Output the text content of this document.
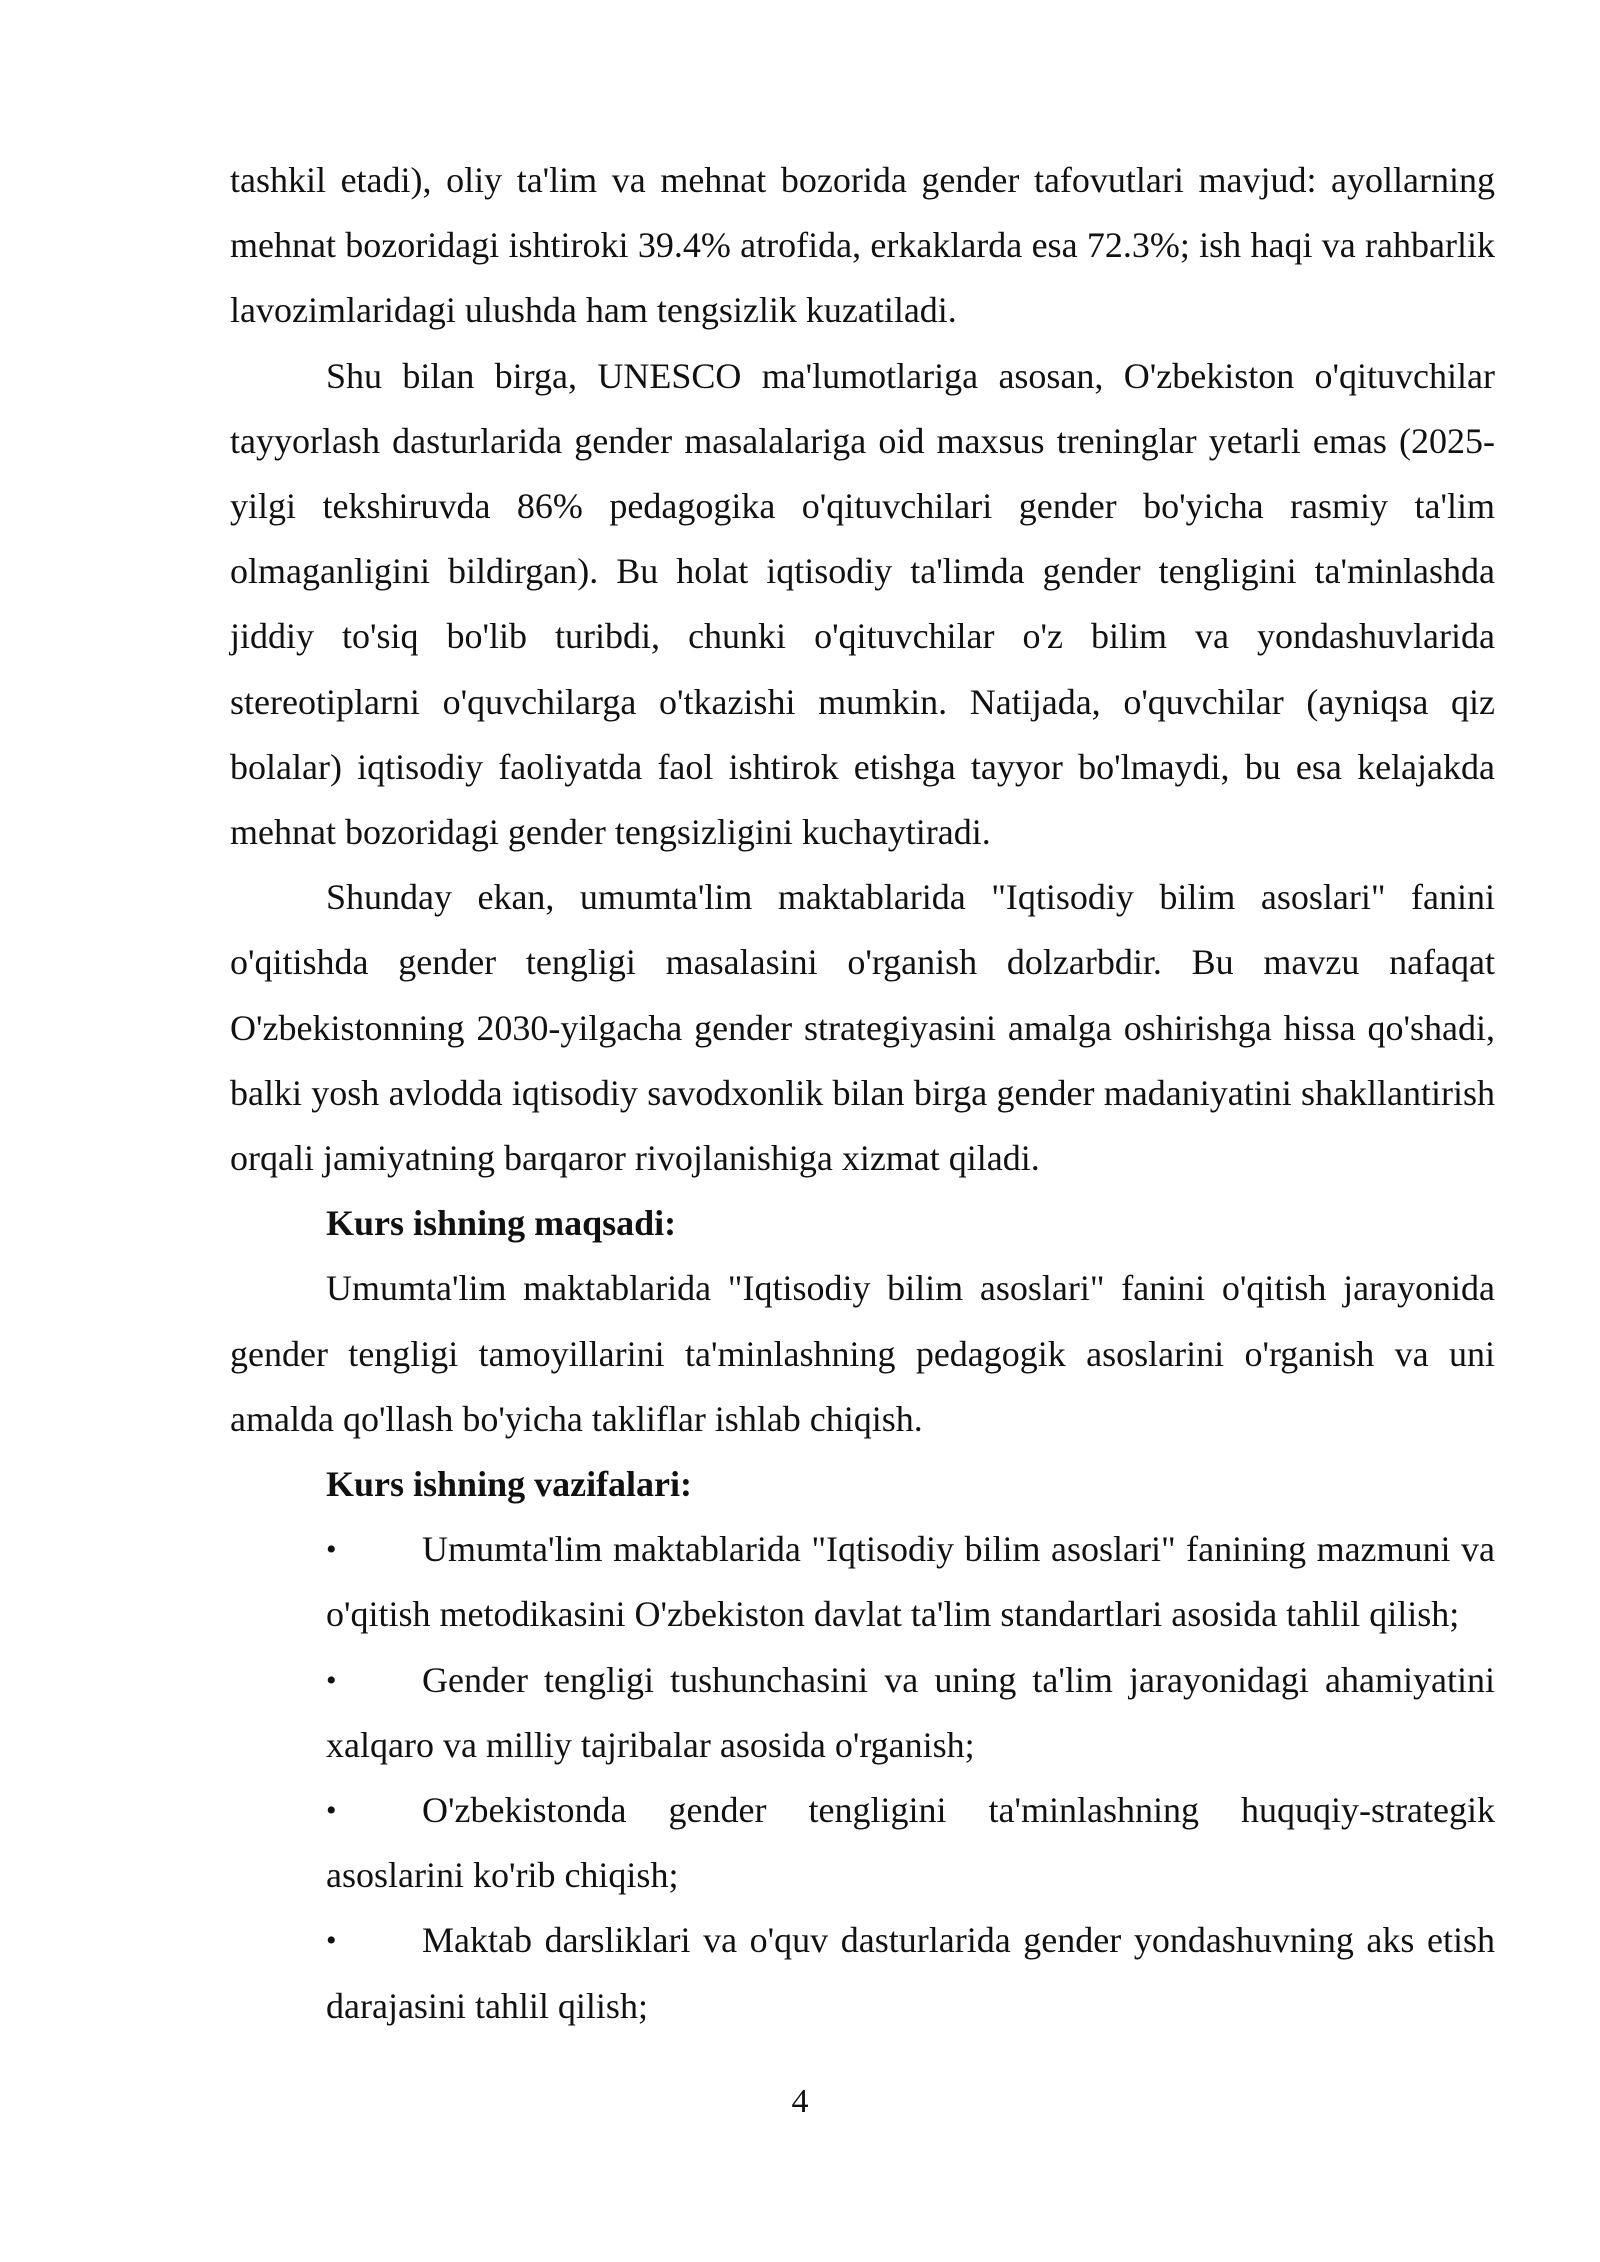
tashkil etadi), oliy ta'lim va mehnat bozorida gender tafovutlari mavjud: ayollarning mehnat bozoridagi ishtiroki 39.4% atrofida, erkaklarda esa 72.3%; ish haqi va rahbarlik lavozimlaridagi ulushda ham tengsizlik kuzatiladi.

Shu bilan birga, UNESCO ma'lumotlariga asosan, O'zbekiston o'qituvchilar tayyorlash dasturlarida gender masalalariga oid maxsus treninglar yetarli emas (2025-yilgi tekshiruvda 86% pedagogika o'qituvchilari gender bo'yicha rasmiy ta'lim olmaganligini bildirgan). Bu holat iqtisodiy ta'limda gender tengligini ta'minlashda jiddiy to'siq bo'lib turibdi, chunki o'qituvchilar o'z bilim va yondashuvlarida stereotiplarni o'quvchilarga o'tkazishi mumkin. Natijada, o'quvchilar (ayniqsa qiz bolalar) iqtisodiy faoliyatda faol ishtirok etishga tayyor bo'lmaydi, bu esa kelajakda mehnat bozoridagi gender tengsizligini kuchaytiradi.

Shunday ekan, umumta'lim maktablarida "Iqtisodiy bilim asoslari" fanini o'qitishda gender tengligi masalasini o'rganish dolzarbdir. Bu mavzu nafaqat O'zbekistonning 2030-yilgacha gender strategiyasini amalga oshirishga hissa qo'shadi, balki yosh avlodda iqtisodiy savodxonlik bilan birga gender madaniyatini shakllantirish orqali jamiyatning barqaror rivojlanishiga xizmat qiladi.

Kurs ishning maqsadi:

Umumta'lim maktablarida "Iqtisodiy bilim asoslari" fanini o'qitish jarayonida gender tengligi tamoyillarini ta'minlashning pedagogik asoslarini o'rganish va uni amalda qo'llash bo'yicha takliflar ishlab chiqish.

Kurs ishning vazifalari:
• Umumta'lim maktablarida "Iqtisodiy bilim asoslari" fanining mazmuni va o'qitish metodikasini O'zbekiston davlat ta'lim standartlari asosida tahlil qilish;
• Gender tengligi tushunchasini va uning ta'lim jarayonidagi ahamiyatini xalqaro va milliy tajribalar asosida o'rganish;
• O'zbekistonda gender tengligini ta'minlashning huquqiy-strategik asoslarini ko'rib chiqish;
• Maktab darsliklari va o'quv dasturlarida gender yondashuvning aks etish darajasini tahlil qilish;

4
